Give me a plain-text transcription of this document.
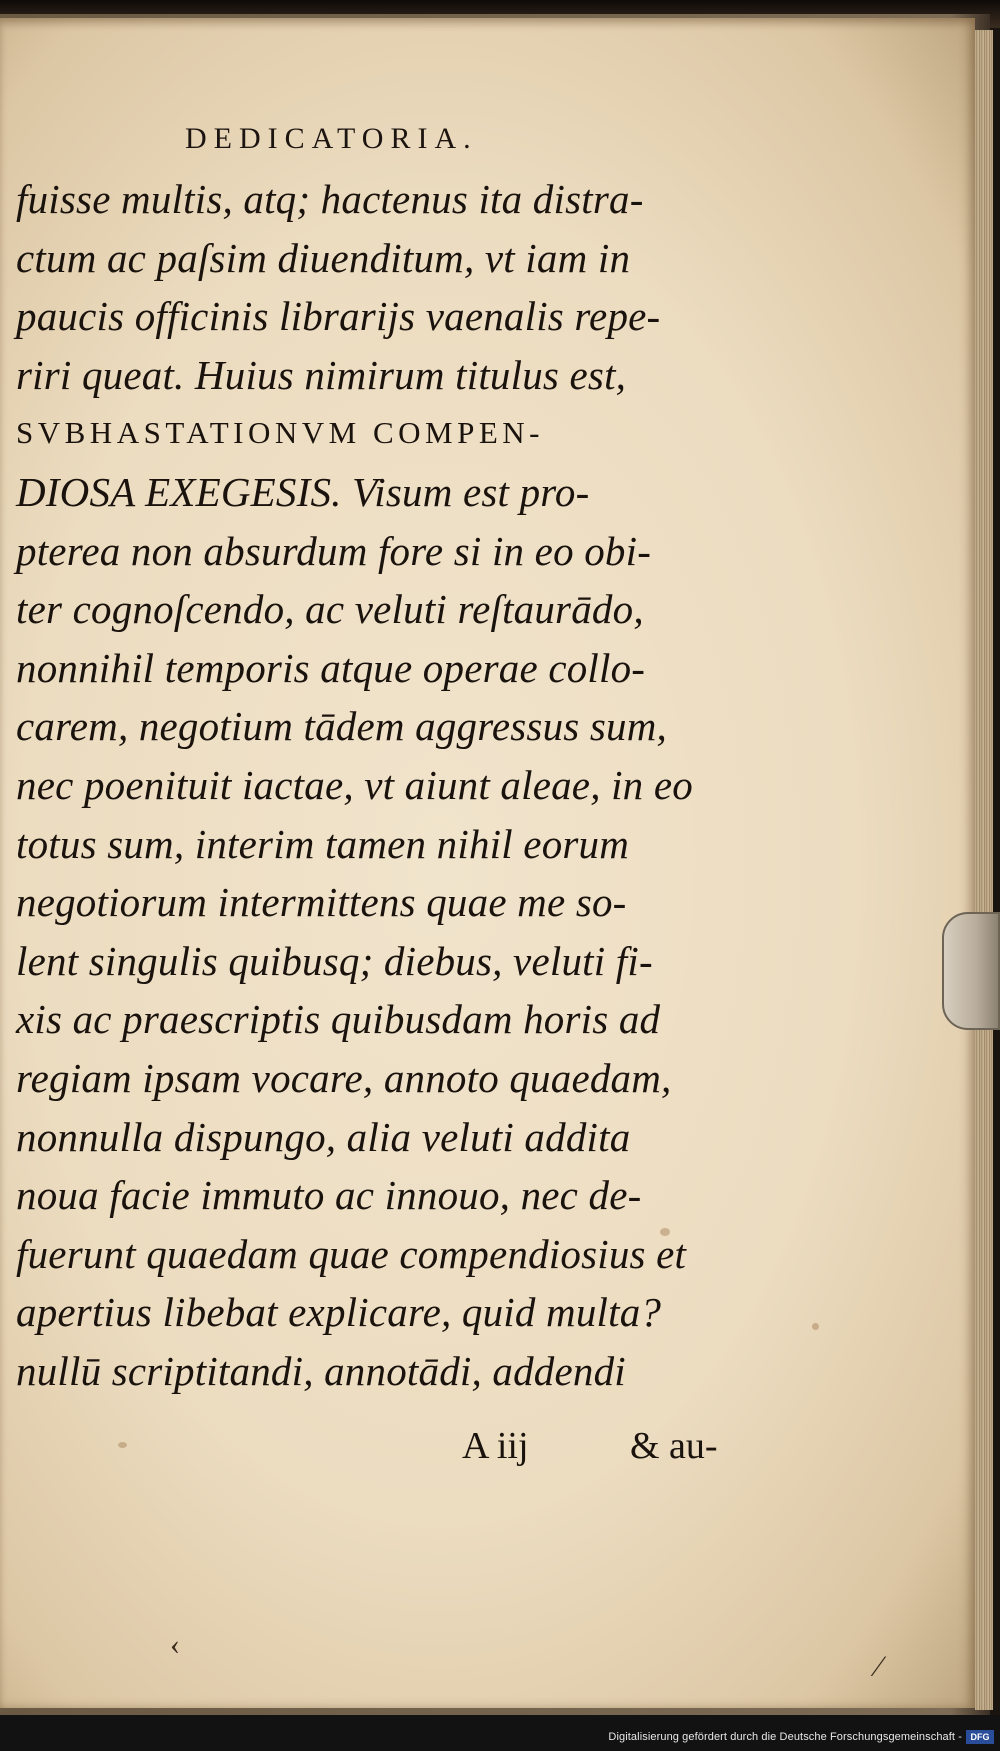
DEDICATORIA.
fuisse multis, atq; hactenus ita distra-
ctum ac paſsim diuenditum, vt iam in
paucis officinis librarijs vaenalis repe-
riri queat. Huius nimirum titulus est,
SVBHASTATIONVM COMPEN-
DIOSA EXEGESIS. Visum est pro-
pterea non absurdum fore si in eo obi-
ter cognoſcendo, ac veluti reſtaurādo,
nonnihil temporis atque operae collo-
carem, negotium tādem aggressus sum,
nec poenituit iactae, vt aiunt aleae, in eo
totus sum, interim tamen nihil eorum
negotiorum intermittens quae me so-
lent singulis quibusq; diebus, veluti fi-
xis ac praescriptis quibusdam horis ad
regiam ipsam vocare, annoto quaedam,
nonnulla dispungo, alia veluti addita
noua facie immuto ac innouo, nec de-
fuerunt quaedam quae compendiosius et
apertius libebat explicare, quid multa?
nullū scriptitandi, annotādi, addendi
A iij	& au-
‹
⁄
Digitalisierung gefördert durch die Deutsche Forschungsgemeinschaft - DFG
